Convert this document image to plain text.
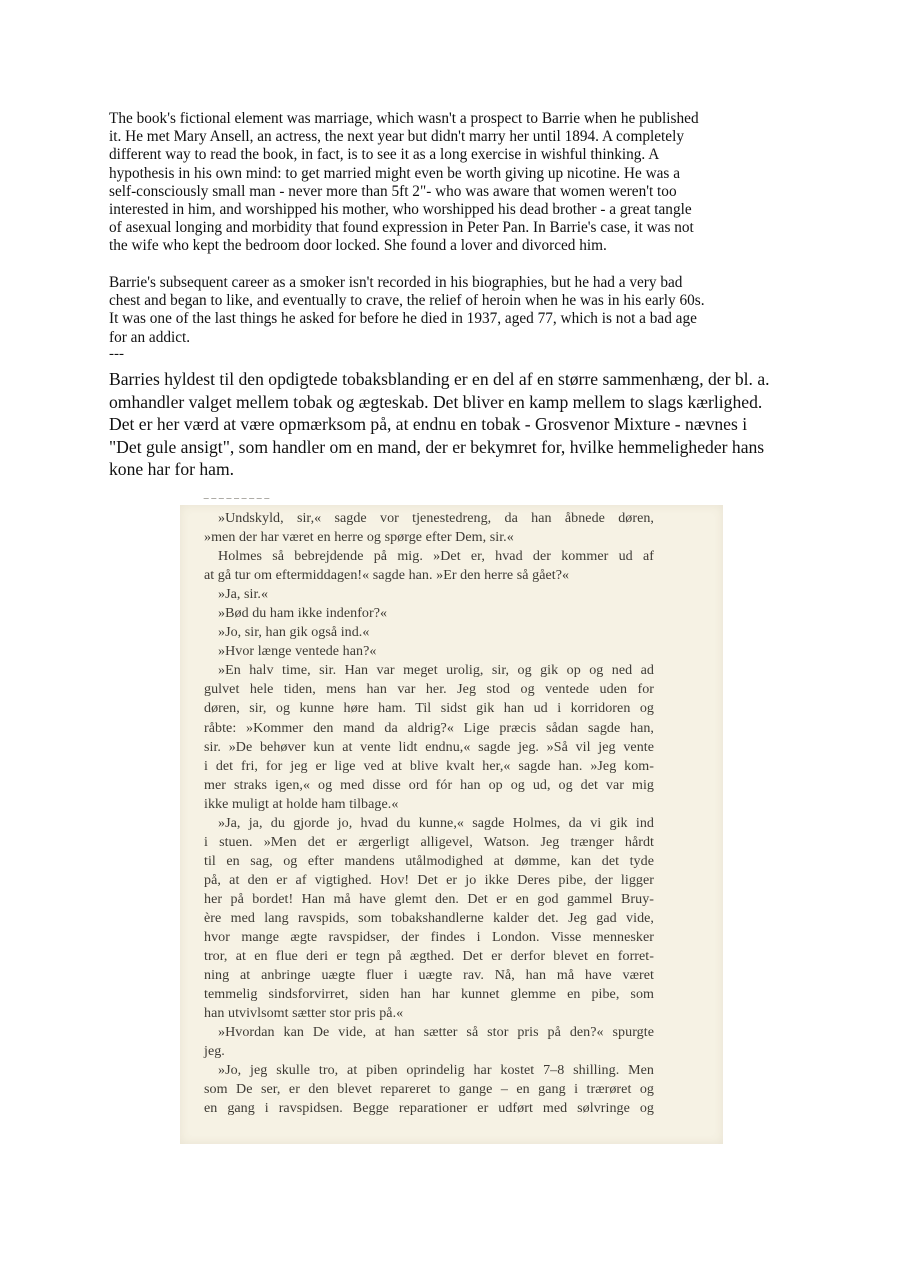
The book's fictional element was marriage, which wasn't a prospect to Barrie when he published
it. He met Mary Ansell, an actress, the next year but didn't marry her until 1894. A completely
different way to read the book, in fact, is to see it as a long exercise in wishful thinking. A
hypothesis in his own mind: to get married might even be worth giving up nicotine. He was a
self-consciously small man - never more than 5ft 2"- who was aware that women weren't too
interested in him, and worshipped his mother, who worshipped his dead brother - a great tangle
of asexual longing and morbidity that found expression in Peter Pan. In Barrie's case, it was not
the wife who kept the bedroom door locked. She found a lover and divorced him.
Barrie's subsequent career as a smoker isn't recorded in his biographies, but he had a very bad
chest and began to like, and eventually to crave, the relief of heroin when he was in his early 60s.
It was one of the last things he asked for before he died in 1937, aged 77, which is not a bad age
for an addict.
---
Barries hyldest til den opdigtede tobaksblanding er en del af en større sammenhæng, der bl. a.
omhandler valget mellem tobak og ægteskab. Det bliver en kamp mellem to slags kærlighed.
Det er her værd at være opmærksom på, at endnu en tobak - Grosvenor Mixture - nævnes i
"Det gule ansigt", som handler om en mand, der er bekymret for, hvilke hemmeligheder hans
kone har for ham.
‾ ‾ ‾ ‾ ‾ ‾ ‾ ‾ ‾
»Undskyld, sir,« sagde vor tjenestedreng, da han åbnede døren,
»men der har været en herre og spørge efter Dem, sir.«
Holmes så bebrejdende på mig. »Det er, hvad der kommer ud af
at gå tur om eftermiddagen!« sagde han. »Er den herre så gået?«
»Ja, sir.«
»Bød du ham ikke indenfor?«
»Jo, sir, han gik også ind.«
»Hvor længe ventede han?«
»En halv time, sir. Han var meget urolig, sir, og gik op og ned ad
gulvet hele tiden, mens han var her. Jeg stod og ventede uden for
døren, sir, og kunne høre ham. Til sidst gik han ud i korridoren og
råbte: »Kommer den mand da aldrig?« Lige præcis sådan sagde han,
sir. »De behøver kun at vente lidt endnu,« sagde jeg. »Så vil jeg vente
i det fri, for jeg er lige ved at blive kvalt her,« sagde han. »Jeg kom-
mer straks igen,« og med disse ord fór han op og ud, og det var mig
ikke muligt at holde ham tilbage.«
»Ja, ja, du gjorde jo, hvad du kunne,« sagde Holmes, da vi gik ind
i stuen. »Men det er ærgerligt alligevel, Watson. Jeg trænger hårdt
til en sag, og efter mandens utålmodighed at dømme, kan det tyde
på, at den er af vigtighed. Hov! Det er jo ikke Deres pibe, der ligger
her på bordet! Han må have glemt den. Det er en god gammel Bruy-
ère med lang ravspids, som tobakshandlerne kalder det. Jeg gad vide,
hvor mange ægte ravspidser, der findes i London. Visse mennesker
tror, at en flue deri er tegn på ægthed. Det er derfor blevet en forret-
ning at anbringe uægte fluer i uægte rav. Nå, han må have været
temmelig sindsforvirret, siden han har kunnet glemme en pibe, som
han utvivlsomt sætter stor pris på.«
»Hvordan kan De vide, at han sætter så stor pris på den?« spurgte
jeg.
»Jo, jeg skulle tro, at piben oprindelig har kostet 7–8 shilling. Men
som De ser, er den blevet repareret to gange – en gang i trærøret og
en gang i ravspidsen. Begge reparationer er udført med sølvringe og
